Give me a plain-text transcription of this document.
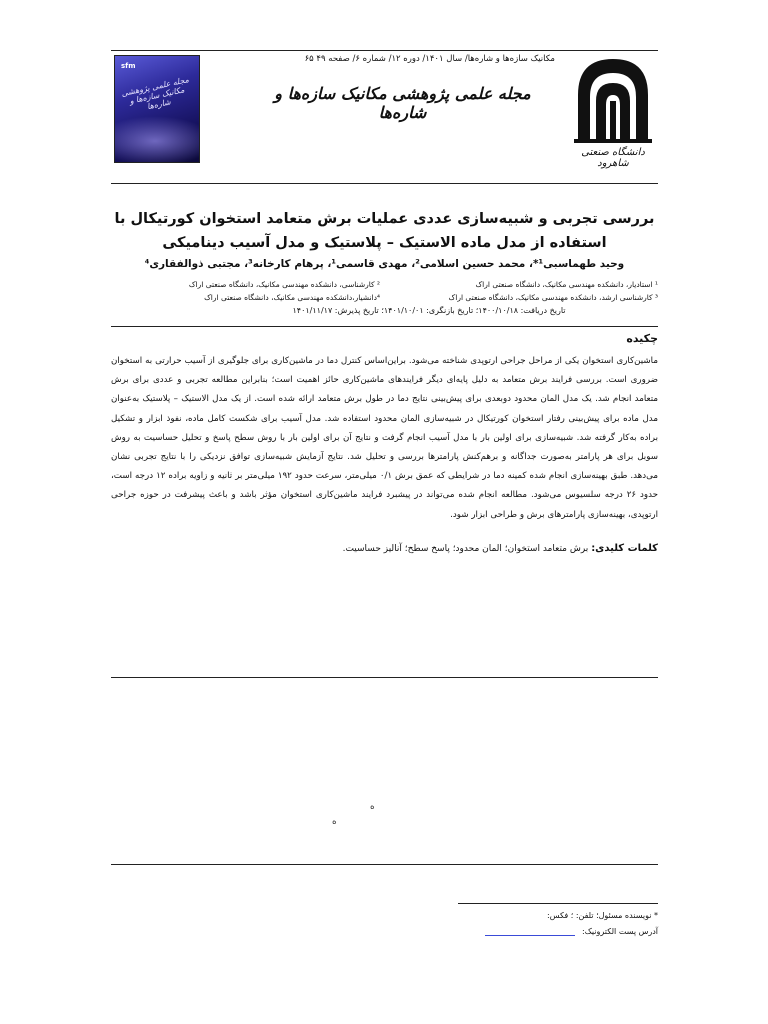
دانشگاه صنعتی شاهرود
مکانیک سازه‌ها و شاره‌ها/ سال ۱۴۰۱/ دوره ۱۲/ شماره ۶/ صفحه ۴۹ ۶۵
مجله علمی پژوهشی مکانیک سازه‌ها و شاره‌ها
sfm
مجله علمی پژوهشی مکانیک سازه‌ها و شاره‌ها
بررسی تجربی و شبیه‌سازی عددی عملیات برش متعامد استخوان کورتیکال با استفاده از مدل ماده الاستیک – پلاستیک و مدل آسیب دینامیکی
وحید طهماسبی¹*، محمد حسین اسلامی²، مهدی قاسمی¹، پرهام کارخانه³، مجتبی ذوالفقاری⁴
¹ استادیار، دانشکده مهندسی مکانیک، دانشگاه صنعتی اراک
³ کارشناسی ارشد، دانشکده مهندسی مکانیک، دانشگاه صنعتی اراک
² کارشناسی، دانشکده مهندسی مکانیک، دانشگاه صنعتی اراک
⁴دانشیار،دانشکده مهندسی مکانیک، دانشگاه صنعتی اراک
تاریخ دریافت: ۱۴۰۰/۱۰/۱۸؛ تاریخ بازنگری: ۱۴۰۱/۱۰/۰۱؛ تاریخ پذیرش: ۱۴۰۱/۱۱/۱۷
چکیده
ماشین‌کاری استخوان یکی از مراحل جراحی ارتوپدی شناخته می‌شود. براین‌اساس کنترل دما در ماشین‌کاری برای جلوگیری از آسیب حرارتی به استخوان ضروری است. بررسی فرایند برش متعامد به دلیل پایه‌ای دیگر فرایندهای ماشین‌کاری حائز اهمیت است؛ بنابراین مطالعه تجربی و عددی برای برش متعامد انجام شد. یک مدل المان محدود دوبعدی برای پیش‌بینی نتایج دما در طول برش متعامد ارائه شده است. از یک مدل الاستیک – پلاستیک به‌عنوان مدل ماده برای پیش‌بینی رفتار استخوان کورتیکال در شبیه‌سازی المان محدود استفاده شد. مدل آسیب برای شکست کامل ماده، نفوذ ابزار و تشکیل براده به‌کار گرفته شد. شبیه‌سازی برای اولین بار با مدل آسیب انجام گرفت و نتایج آن برای اولین بار با روش سطح پاسخ و تحلیل حساسیت به روش سوبل برای هر پارامتر به‌صورت جداگانه و برهم‌کنش پارامترها بررسی و تحلیل شد. نتایج آزمایش شبیه‌سازی توافق نزدیکی را با نتایج تجربی نشان می‌دهد. طبق بهینه‌سازی انجام شده کمینه دما در شرایطی که عمق برش ۰/۱ میلی‌متر، سرعت حدود ۱۹۲ میلی‌متر بر ثانیه و زاویه براده ۱۲ درجه است، حدود ۲۶ درجه سلسیوس می‌شود. مطالعه انجام شده می‌تواند در پیشبرد فرایند ماشین‌کاری استخوان مؤثر باشد و باعث پیشرفت در حوزه جراحی ارتوپدی، بهینه‌سازی پارامترهای برش و طراحی ابزار شود.
کلمات کلیدی: برش متعامد استخوان؛ المان محدود؛ پاسخ سطح؛ آنالیز حساسیت.
ه
ه
* نویسنده مسئول؛ تلفن: ؛ فکس:
آدرس پست الکترونیک:
